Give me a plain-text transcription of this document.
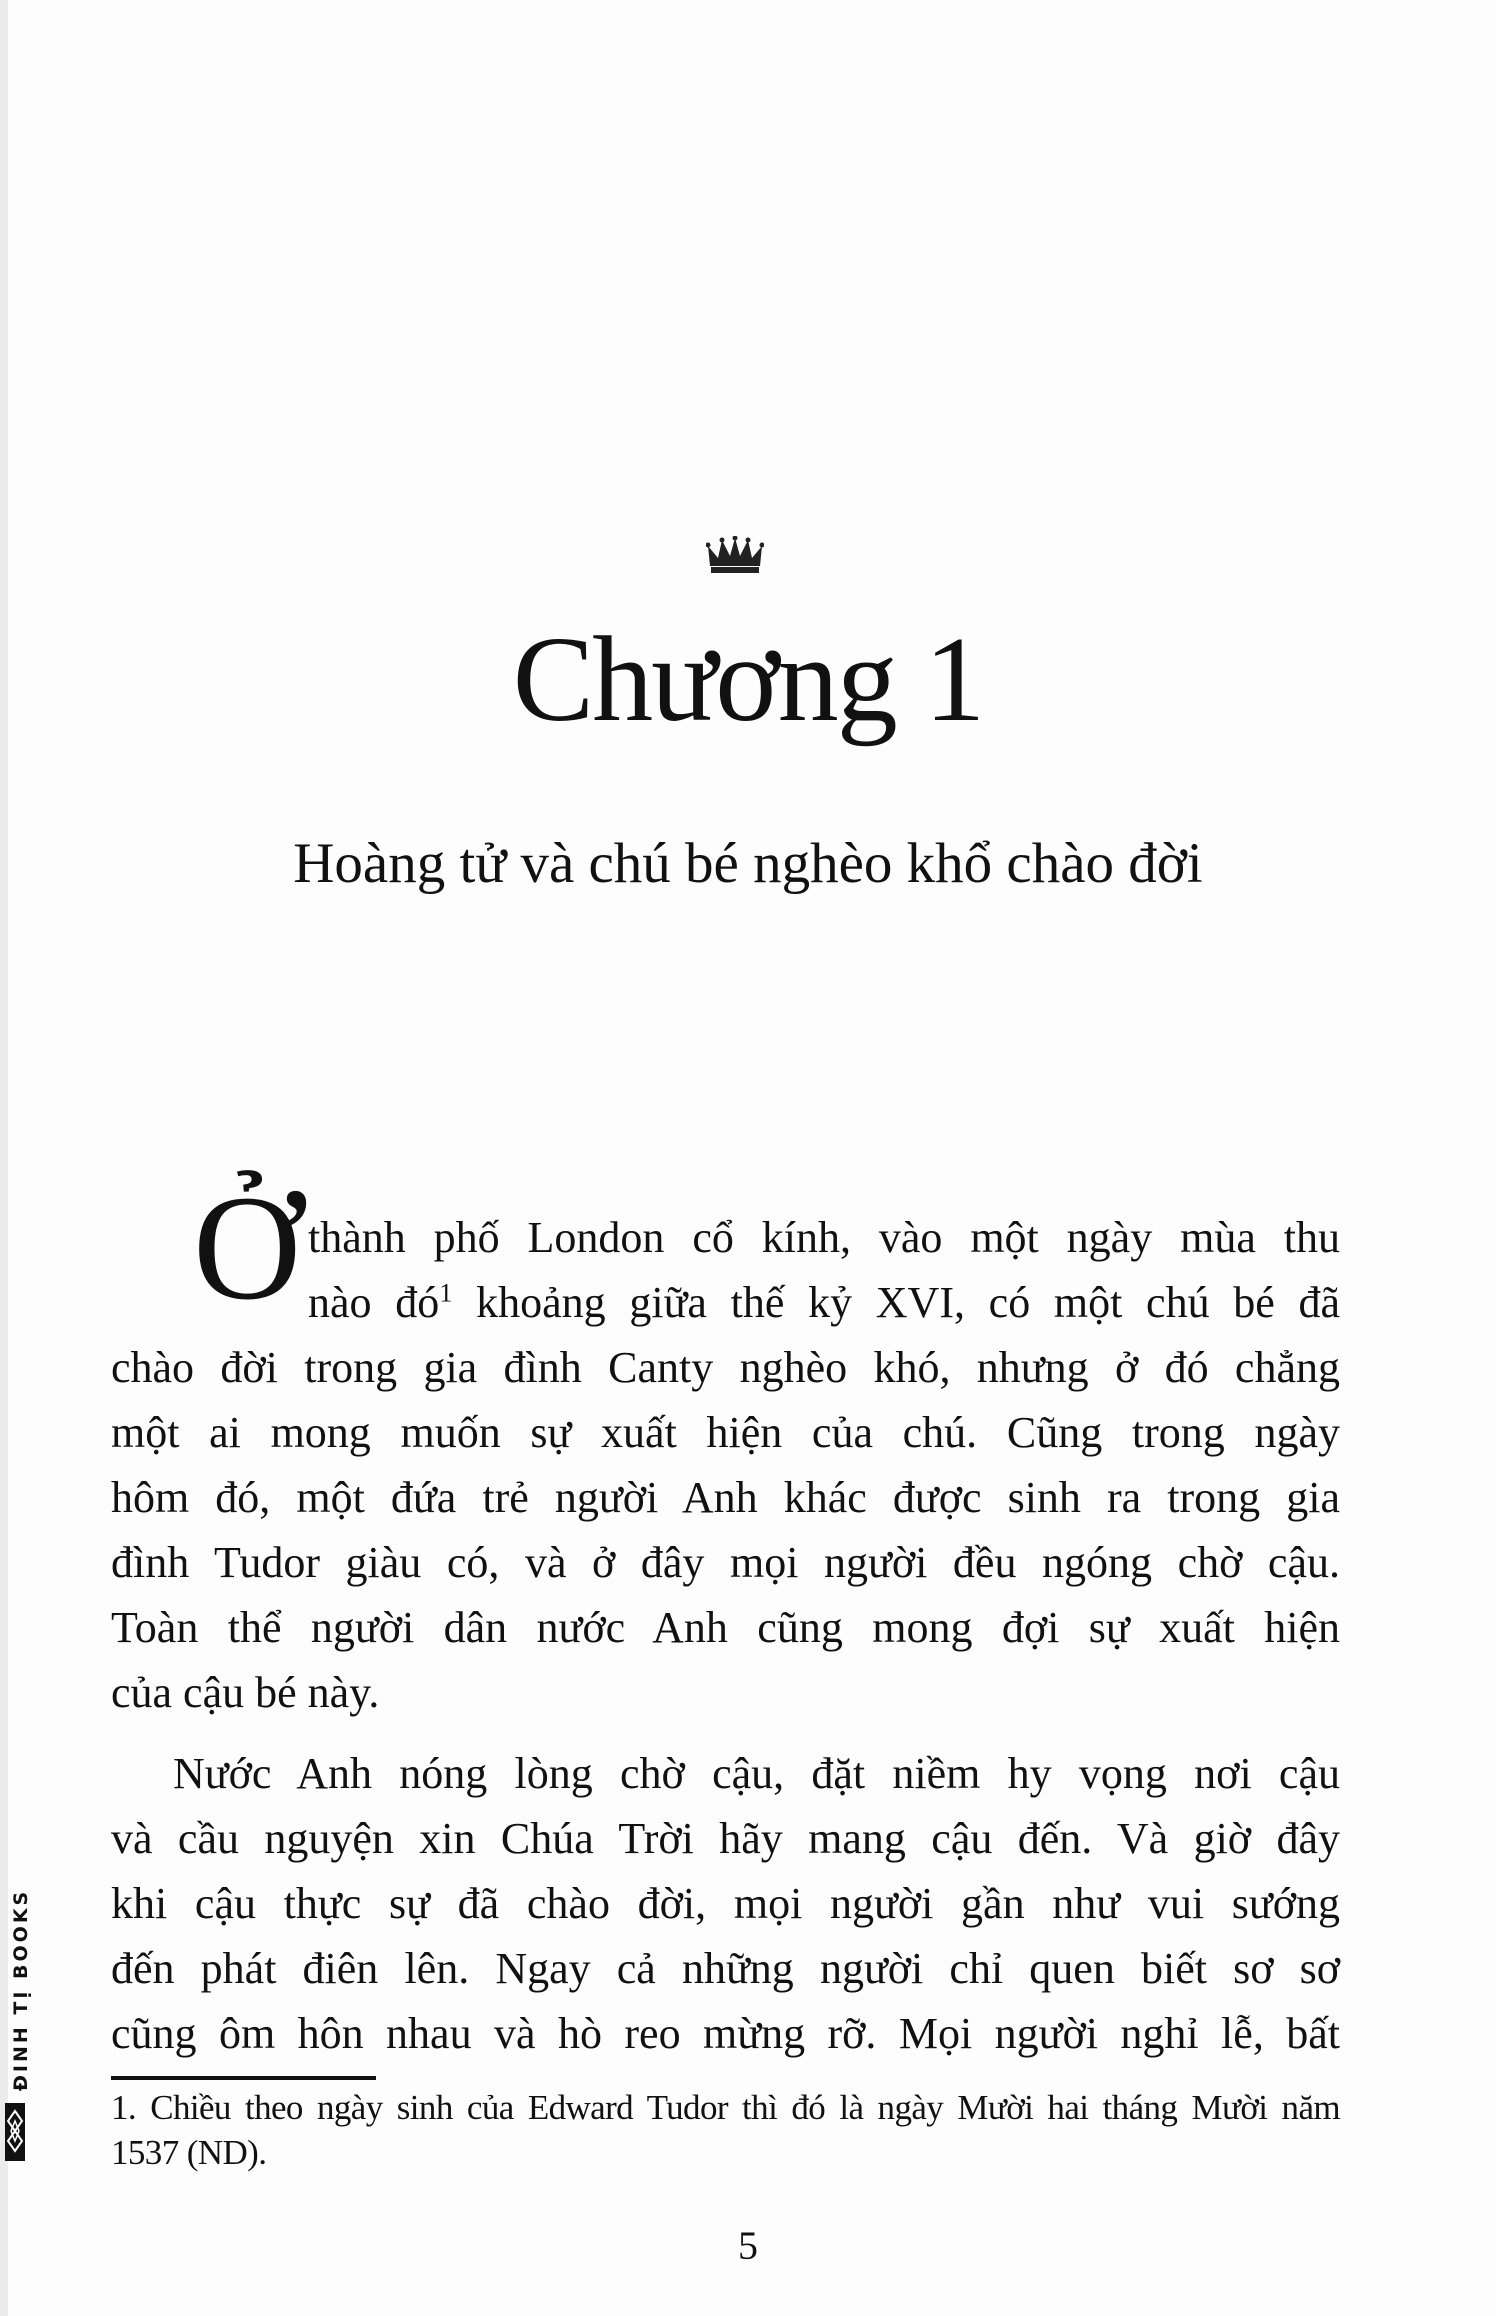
Chương 1
Hoàng tử và chú bé nghèo khổ chào đời
Ở thành phố London cổ kính, vào một ngày mùa thu
nào $đó^1$ khoảng giữa thế kỷ XVI, có một chú bé đã
chào đời trong gia đình Canty nghèo khó, nhưng ở đó chẳng
một ai mong muốn sự xuất hiện của chú. Cũng trong ngày
hôm đó, một đứa trẻ người Anh khác được sinh ra trong gia
đình Tudor giàu có, và ở đây mọi người đều ngóng chờ cậu.
Toàn thể người dân nước Anh cũng mong đợi sự xuất hiện
của cậu bé này.
Nước Anh nóng lòng chờ cậu, đặt niềm hy vọng nơi cậu
và cầu nguyện xin Chúa Trời hãy mang cậu đến. Và giờ đây
khi cậu thực sự đã chào đời, mọi người gần như vui sướng
đến phát điên lên. Ngay cả những người chỉ quen biết sơ sơ
cũng ôm hôn nhau và hò reo mừng rỡ. Mọi người nghỉ lễ, bất
1. Chiều theo ngày sinh của Edward Tudor thì đó là ngày Mười hai tháng Mười năm
1537 (ND).
5
ĐINH TỊ BOOKS
